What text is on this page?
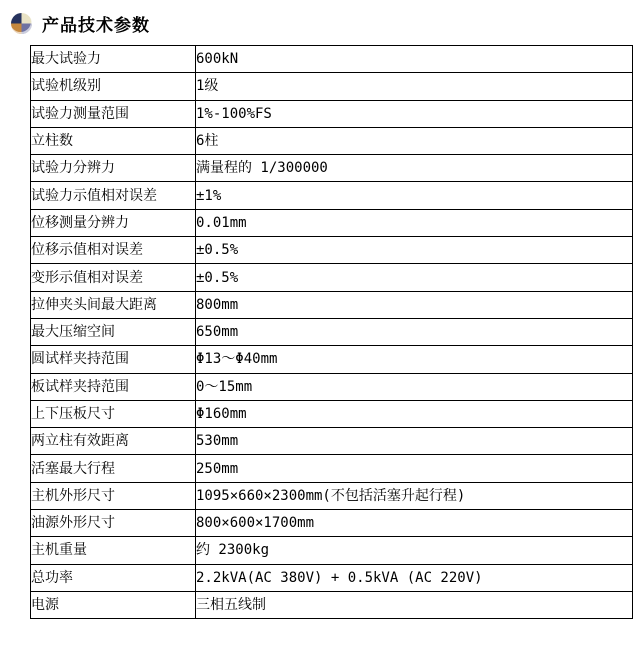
产品技术参数
最大试验力	600kN
试验机级别	1级
试验力测量范围	1%-100%FS
立柱数	6柱
试验力分辨力	满量程的 1/300000
试验力示值相对误差	±1%
位移测量分辨力	0.01mm
位移示值相对误差	±0.5%
变形示值相对误差	±0.5%
拉伸夹头间最大距离	800mm
最大压缩空间	650mm
圆试样夹持范围	Φ13～Φ40mm
板试样夹持范围	0～15mm
上下压板尺寸	Φ160mm
两立柱有效距离	530mm
活塞最大行程	250mm
主机外形尺寸	1095×660×2300mm(不包括活塞升起行程)
油源外形尺寸	800×600×1700mm
主机重量	约 2300kg
总功率	2.2kVA(AC 380V) + 0.5kVA (AC 220V)
电源	三相五线制
